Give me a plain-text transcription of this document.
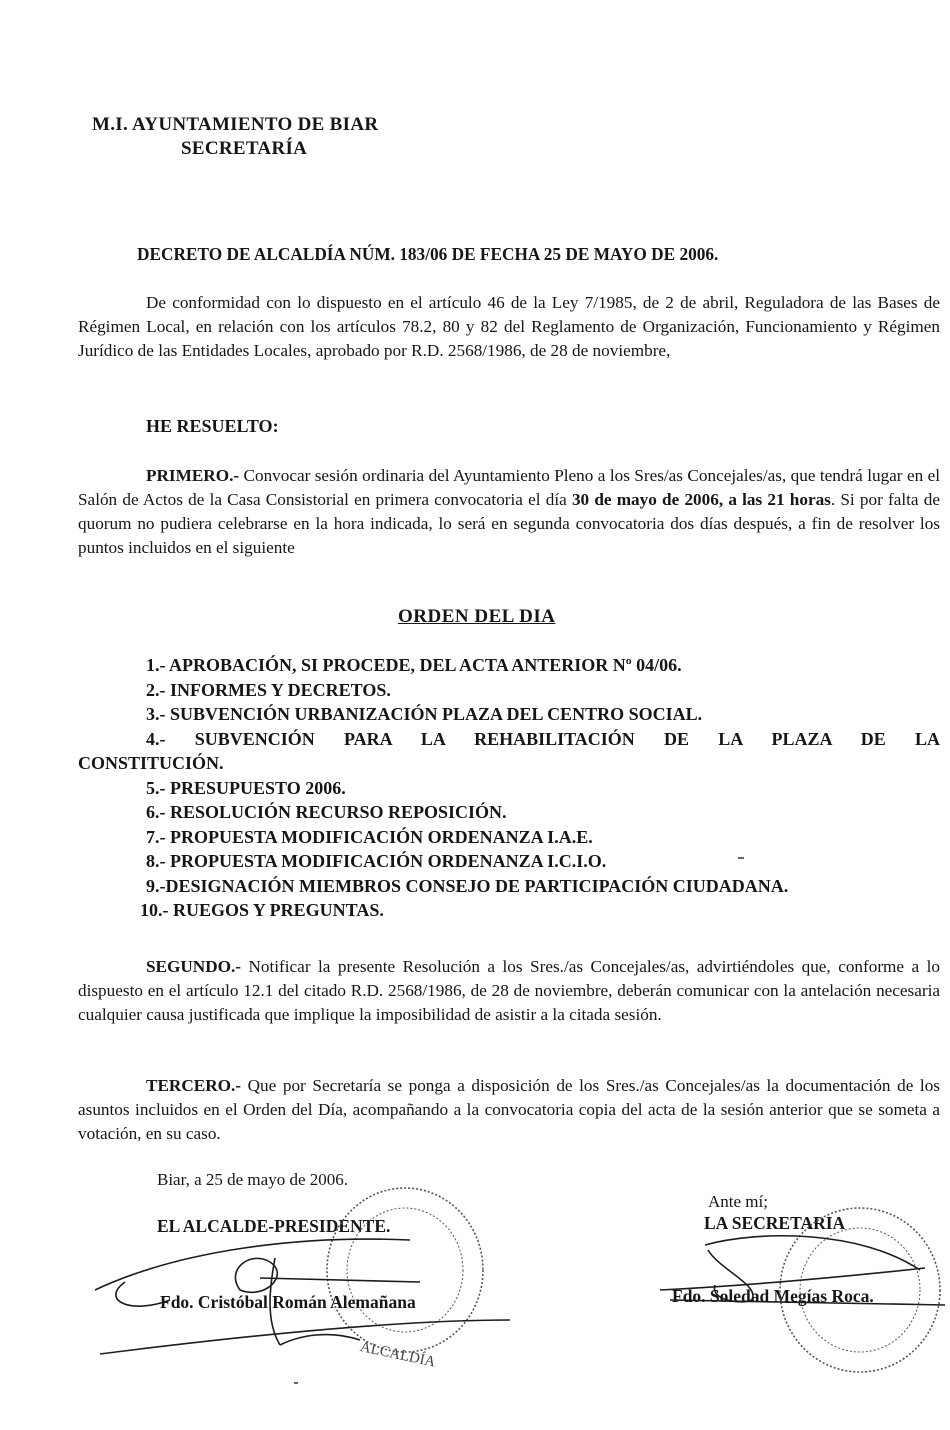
M.I. AYUNTAMIENTO DE BIAR
SECRETARÍA
DECRETO DE ALCALDÍA NÚM. 183/06 DE FECHA 25 DE MAYO DE 2006.
De conformidad con lo dispuesto en el artículo 46 de la Ley 7/1985, de 2 de abril, Reguladora de las Bases de Régimen Local, en relación con los artículos 78.2, 80 y 82 del Reglamento de Organización, Funcionamiento y Régimen Jurídico de las Entidades Locales, aprobado por R.D. 2568/1986, de 28 de noviembre,
HE RESUELTO:
PRIMERO.- Convocar sesión ordinaria del Ayuntamiento Pleno a los Sres/as Concejales/as, que tendrá lugar en el Salón de Actos de la Casa Consistorial en primera convocatoria el día 30 de mayo de 2006, a las 21 horas. Si por falta de quorum no pudiera celebrarse en la hora indicada, lo será en segunda convocatoria dos días después, a fin de resolver los puntos incluidos en el siguiente
ORDEN DEL DIA
1.- APROBACIÓN, SI PROCEDE, DEL ACTA ANTERIOR Nº 04/06.
2.- INFORMES Y DECRETOS.
3.- SUBVENCIÓN URBANIZACIÓN PLAZA DEL CENTRO SOCIAL.
4.- SUBVENCIÓN PARA LA REHABILITACIÓN DE LA PLAZA DE LA
CONSTITUCIÓN.
5.- PRESUPUESTO 2006.
6.- RESOLUCIÓN RECURSO REPOSICIÓN.
7.- PROPUESTA MODIFICACIÓN ORDENANZA I.A.E.
8.- PROPUESTA MODIFICACIÓN ORDENANZA I.C.I.O.
9.-DESIGNACIÓN MIEMBROS CONSEJO DE PARTICIPACIÓN CIUDADANA.
10.- RUEGOS Y PREGUNTAS.
SEGUNDO.- Notificar la presente Resolución a los Sres./as Concejales/as, advirtiéndoles que, conforme a lo dispuesto en el artículo 12.1 del citado R.D. 2568/1986, de 28 de noviembre, deberán comunicar con la antelación necesaria cualquier causa justificada que implique la imposibilidad de asistir a la citada sesión.
TERCERO.- Que por Secretaría se ponga a disposición de los Sres./as Concejales/as la documentación de los asuntos incluidos en el Orden del Día, acompañando a la convocatoria copia del acta de la sesión anterior que se someta a votación, en su caso.
Biar, a 25 de mayo de 2006.
EL ALCALDE-PRESIDENTE.
Fdo. Cristóbal Román Alemañana
Ante mí;
LA SECRETARIA
Fdo. Soledad Megías Roca.
ALCALDÍA
